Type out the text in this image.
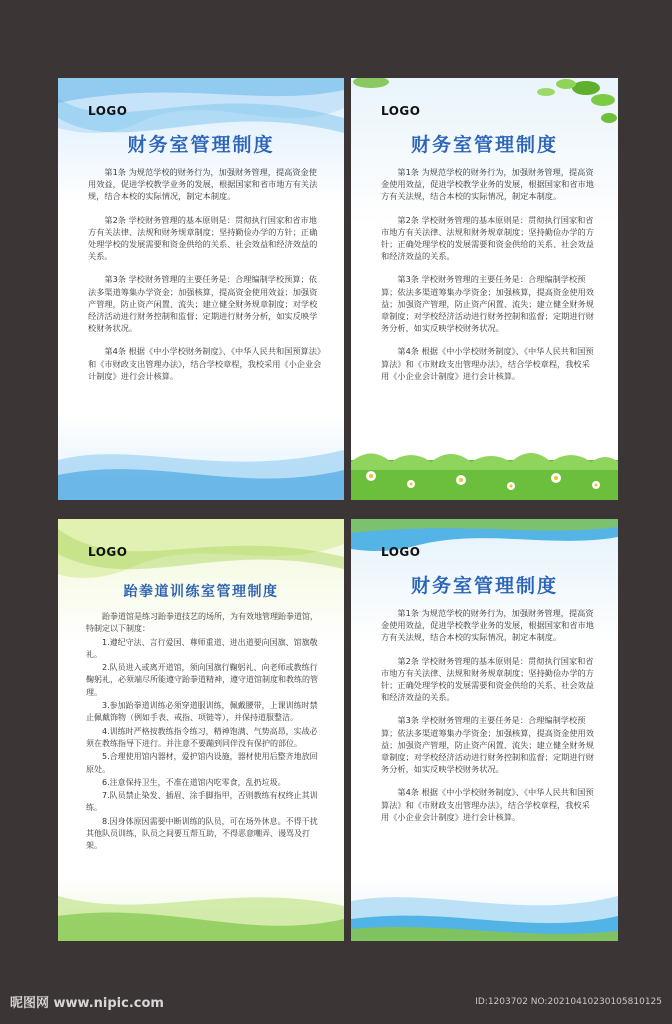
LOGO
财务室管理制度

第1条 为规范学校的财务行为，加强财务管理，提高资金使用效益，促进学校教学业务的发展，根据国家和省市地方有关法规，结合本校的实际情况，制定本制度。

第2条 学校财务管理的基本原则是：贯彻执行国家和省市地方有关法律、法规和财务规章制度；坚持勤俭办学的方针；正确处理学校的发展需要和资金供给的关系、社会效益和经济效益的关系。

第3条 学校财务管理的主要任务是：合理编制学校预算；依法多渠道筹集办学资金；加强核算，提高资金使用效益；加强资产管理，防止资产闲置、流失；建立健全财务规章制度；对学校经济活动进行财务控制和监督；定期进行财务分析，如实反映学校财务状况。

第4条 根据《中小学校财务制度》、《中华人民共和国预算法》和《市财政支出管理办法》，结合学校章程，我校采用《小企业会计制度》进行会计核算。

LOGO
财务室管理制度

第1条 为规范学校的财务行为，加强财务管理，提高资金使用效益，促进学校教学业务的发展，根据国家和省市地方有关法规，结合本校的实际情况，制定本制度。

第2条 学校财务管理的基本原则是：贯彻执行国家和省市地方有关法律、法规和财务规章制度；坚持勤俭办学的方针；正确处理学校的发展需要和资金供给的关系、社会效益和经济效益的关系。

第3条 学校财务管理的主要任务是：合理编制学校预算；依法多渠道筹集办学资金；加强核算，提高资金使用效益；加强资产管理，防止资产闲置、流失；建立健全财务规章制度；对学校经济活动进行财务控制和监督；定期进行财务分析，如实反映学校财务状况。

第4条 根据《中小学校财务制度》、《中华人民共和国预算法》和《市财政支出管理办法》，结合学校章程，我校采用《小企业会计制度》进行会计核算。

LOGO
跆拳道训练室管理制度

跆拳道馆是练习跆拳道技艺的场所，为有效地管理跆拳道馆，特制定以下制度：

1.遵纪守法、言行爱国、尊师重道、进出道要向国旗、馆旗敬礼。

2.队员进入或离开道馆，须向国旗行鞠躬礼、向老师或教练行鞠躬礼，必须端尽所能遵守跆拳道精神，遵守道馆制度和教练的管理。

3.参加跆拳道训练必须穿道服训练，佩戴腰带，上课训练时禁止佩戴饰物（例如手表、戒指、项链等），并保持道服整洁。

4.训练时严格按教练指令练习，精神饱满、气势高昂，实战必须在教练指导下进行。并注意不要蹦到同伴没有保护的部位。

5.合理使用馆内器材，爱护馆内设施，器材使用后整齐地放回原处。

6.注意保持卫生，不准在道馆内吃零食，乱扔垃圾。

7.队员禁止染发、插眉、涂手脚指甲，否则教练有权终止其训练。

8.因身体原因需要中断训练的队员，可在场外休息。不得干扰其他队员训练，队员之间要互帮互助，不得恶意嘲弄、谩骂及打架。

LOGO
财务室管理制度

第1条 为规范学校的财务行为，加强财务管理，提高资金使用效益，促进学校教学业务的发展，根据国家和省市地方有关法规，结合本校的实际情况，制定本制度。

第2条 学校财务管理的基本原则是：贯彻执行国家和省市地方有关法律、法规和财务规章制度；坚持勤俭办学的方针；正确处理学校的发展需要和资金供给的关系、社会效益和经济效益的关系。

第3条 学校财务管理的主要任务是：合理编制学校预算；依法多渠道筹集办学资金；加强核算，提高资金使用效益；加强资产管理，防止资产闲置、流失；建立健全财务规章制度；对学校经济活动进行财务控制和监督；定期进行财务分析，如实反映学校财务状况。

第4条 根据《中小学校财务制度》、《中华人民共和国预算法》和《市财政支出管理办法》，结合学校章程，我校采用《小企业会计制度》进行会计核算。

昵图网 www.nipic.com	ID:1203702 NO:20210410230105810125
